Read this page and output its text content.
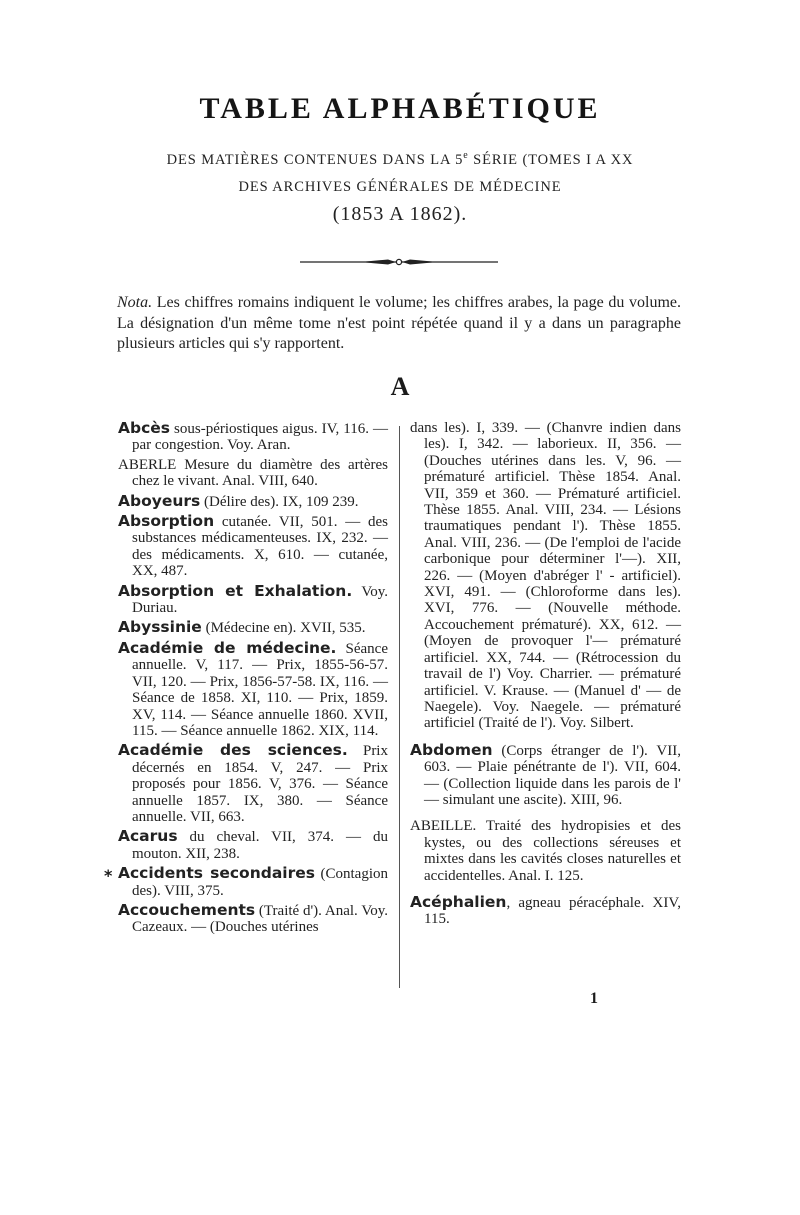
TABLE ALPHABÉTIQUE
DES MATIÈRES CONTENUES DANS LA 5e SÉRIE (TOMES I A XX
DES ARCHIVES GÉNÉRALES DE MÉDECINE
(1853 A 1862).
Nota. Les chiffres romains indiquent le volume; les chiffres arabes, la page du volume. La désignation d'un même tome n'est point répétée quand il y a dans un paragraphe plusieurs articles qui s'y rapportent.
A
Abcès sous-périostiques aigus. IV, 116. — par congestion. Voy. Aran.
ABERLE Mesure du diamètre des artères chez le vivant. Anal. VIII, 640.
Aboyeurs (Délire des). IX, 109 239.
Absorption cutanée. VII, 501. — des substances médicamenteuses. IX, 232. — des médicaments. X, 610. — cutanée, XX, 487.
Absorption et Exhalation. Voy. Duriau.
Abyssinie (Médecine en). XVII, 535.
Académie de médecine. Séance annuelle. V, 117. — Prix, 1855-56-57. VII, 120. — Prix, 1856-57-58. IX, 116. — Séance de 1858. XI, 110. — Prix, 1859. XV, 114. — Séance annuelle 1860. XVII, 115. — Séance annuelle 1862. XIX, 114.
Académie des sciences. Prix décernés en 1854. V, 247. — Prix proposés pour 1856. V, 376. — Séance annuelle 1857. IX, 380. — Séance annuelle. VII, 663.
Acarus du cheval. VII, 374. — du mouton. XII, 238.
Accidents secondaires (Contagion des). VIII, 375.
Accouchements (Traité d'). Anal. Voy. Cazeaux. — (Douches utérines
dans les). I, 339. — (Chanvre indien dans les). I, 342. — laborieux. II, 356. — (Douches utérines dans les. V, 96. — prématuré artificiel. Thèse 1854. Anal. VII, 359 et 360. — Prématuré artificiel. Thèse 1855. Anal. VIII, 234. — Lésions traumatiques pendant l'). Thèse 1855. Anal. VIII, 236. — (De l'emploi de l'acide carbonique pour déterminer l'—). XII, 226. — (Moyen d'abréger l' - artificiel). XVI, 491. — (Chloroforme dans les). XVI, 776. — (Nouvelle méthode. Accouchement prématuré). XX, 612. — (Moyen de provoquer l'— prématuré artificiel. XX, 744. — (Rétrocession du travail de l') Voy. Charrier. — prématuré artificiel. V. Krause. — (Manuel d' — de Naegele). Voy. Naegele. — prématuré artificiel (Traité de l'). Voy. Silbert.
Abdomen (Corps étranger de l'). VII, 603. — Plaie pénétrante de l'). VII, 604. — (Collection liquide dans les parois de l' — simulant une ascite). XIII, 96.
ABEILLE. Traité des hydropisies et des kystes, ou des collections séreuses et mixtes dans les cavités closes naturelles et accidentelles. Anal. I. 125.
Acéphalien, agneau péracéphale. XIV, 115.
*
1
